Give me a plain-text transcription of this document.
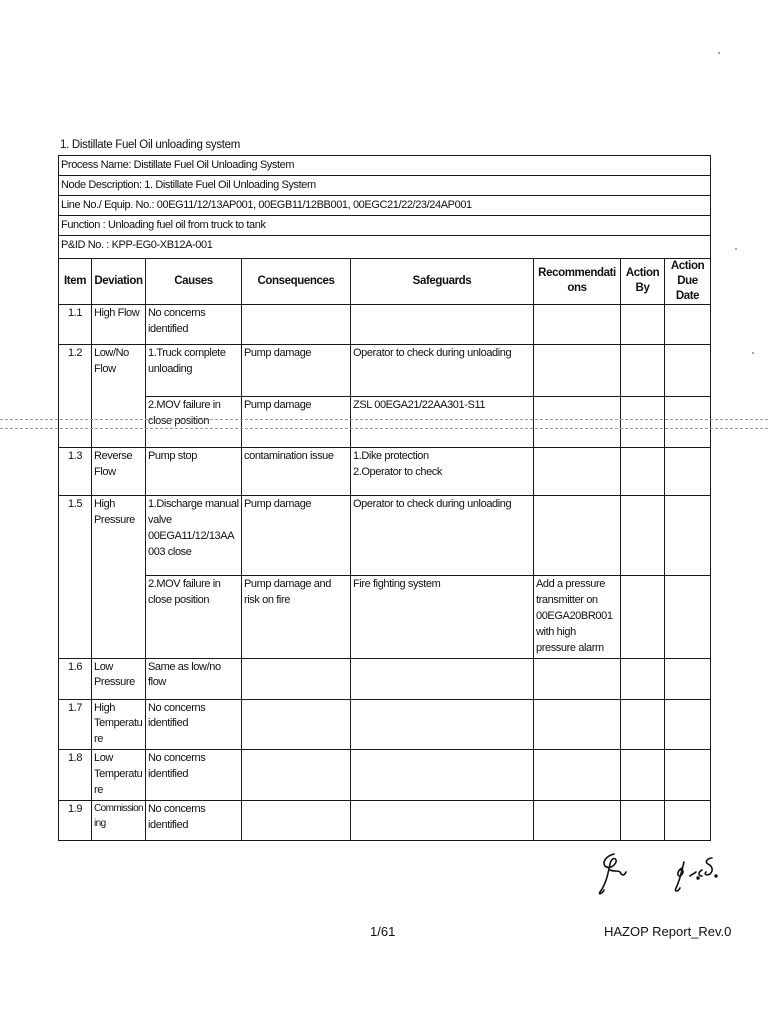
1. Distillate Fuel Oil unloading system
Process Name: Distillate Fuel Oil Unloading System
Node Description: 1. Distillate Fuel Oil Unloading System
Line No./ Equip. No.: 00EG11/12/13AP001, 00EGB11/12BB001, 00EGC21/22/23/24AP001
Function : Unloading fuel oil from truck to tank
P&ID No. : KPP-EG0-XB12A-001							

Item	Deviation	Causes	Consequences	Safeguards	Recommendations	Action By	Action Due Date
1.1	High Flow	No concerns identified					
1.2	Low/No Flow	1.Truck complete unloading	Pump damage	Operator to check during unloading			
		2.MOV failure in close position	Pump damage	ZSL 00EGA21/22AA301-S11			
1.3	Reverse Flow	Pump stop	contamination issue	1.Dike protection
2.Operator to check			

1.5	High Pressure	1.Discharge manual valve 00EGA11/12/13AA003 close	Pump damage	Operator to check during unloading			
		2.MOV failure in close position	Pump damage and risk on fire	Fire fighting system	Add a pressure transmitter on 00EGA20BR001 with high pressure alarm		
1.6	Low Pressure	Same as low/no flow					
1.7	High Temperature	No concerns identified					
1.8	Low Temperature	No concerns identified					
1.9	Commissioning	No concerns identified					
1/61	HAZOP Report_Rev.0
